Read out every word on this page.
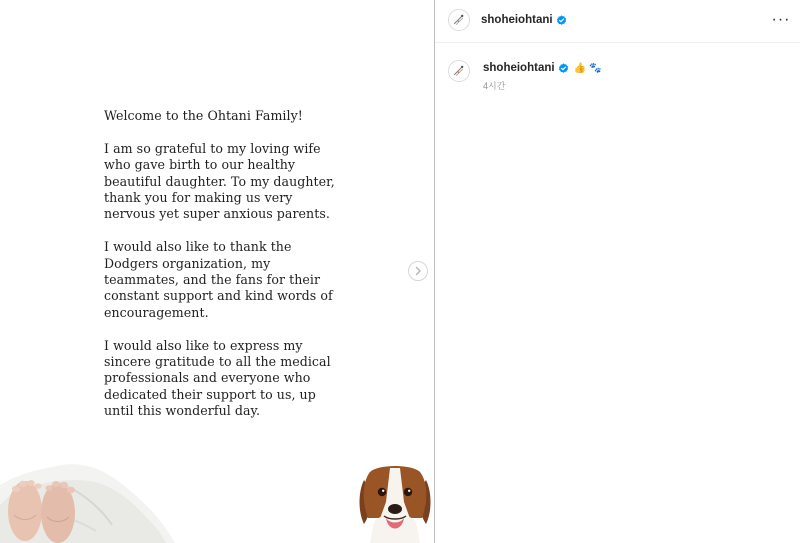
Welcome to the Ohtani Family!

I am so grateful to my loving wife who gave birth to our healthy beautiful daughter. To my daughter, thank you for making us very nervous yet super anxious parents.

I would also like to thank the Dodgers organization, my teammates, and the fans for their constant support and kind words of encouragement.

I would also like to express my sincere gratitude to all the medical professionals and everyone who dedicated their support to us, up until this wonderful day.

shoheiohtani	···
shoheiohtani 👍 🐾
4시간
